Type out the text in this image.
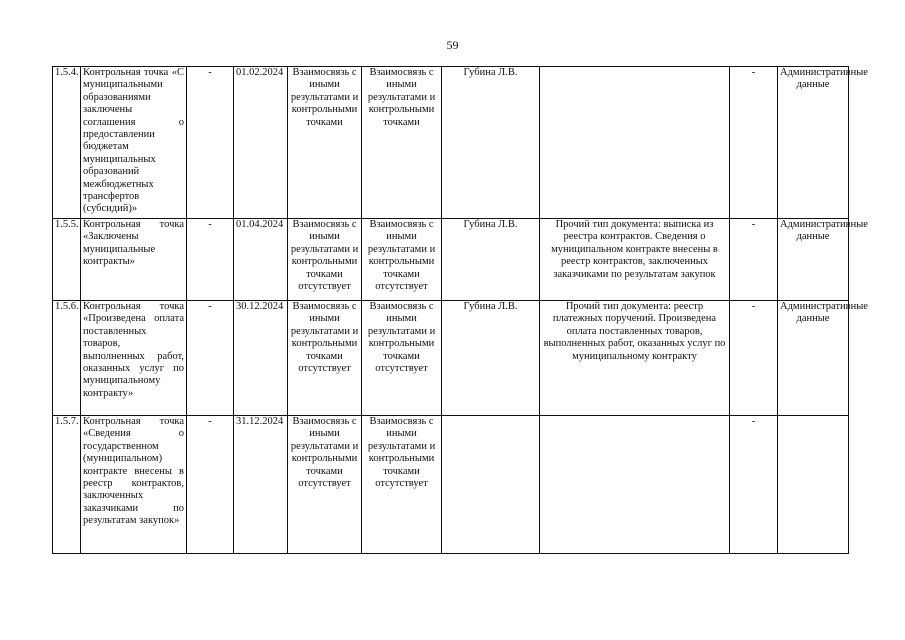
59
1.5.4.	Контрольная точка «С муниципальными образованиями заключены соглашения о предоставлении бюджетам муниципальных образований межбюджетных трансфертов (субсидий)»	-	01.02.2024	Взаимосвязь с иными результатами и контрольными точками	Взаимосвязь с иными результатами и контрольными точками	Губина Л.В.		-	Административные данные
1.5.5.	Контрольная точка «Заключены муниципальные контракты»	-	01.04.2024	Взаимосвязь с иными результатами и контрольными точками отсутствует	Взаимосвязь с иными результатами и контрольными точками отсутствует	Губина Л.В.	Прочий тип документа: выписка из реестра контрактов. Сведения о муниципальном контракте внесены в реестр контрактов, заключенных заказчиками по результатам закупок	-	Административные данные
1.5.6.	Контрольная точка «Произведена оплата поставленных товаров, выполненных работ, оказанных услуг по муниципальному контракту»	-	30.12.2024	Взаимосвязь с иными результатами и контрольными точками отсутствует	Взаимосвязь с иными результатами и контрольными точками отсутствует	Губина Л.В.	Прочий тип документа: реестр платежных поручений. Произведена оплата поставленных товаров, выполненных работ, оказанных услуг по муниципальному контракту	-	Административные данные
1.5.7.	Контрольная точка «Сведения о государственном (муниципальном) контракте внесены в реестр контрактов, заключенных заказчиками по результатам закупок»	-	31.12.2024	Взаимосвязь с иными результатами и контрольными точками отсутствует	Взаимосвязь с иными результатами и контрольными точками отсутствует			-	
